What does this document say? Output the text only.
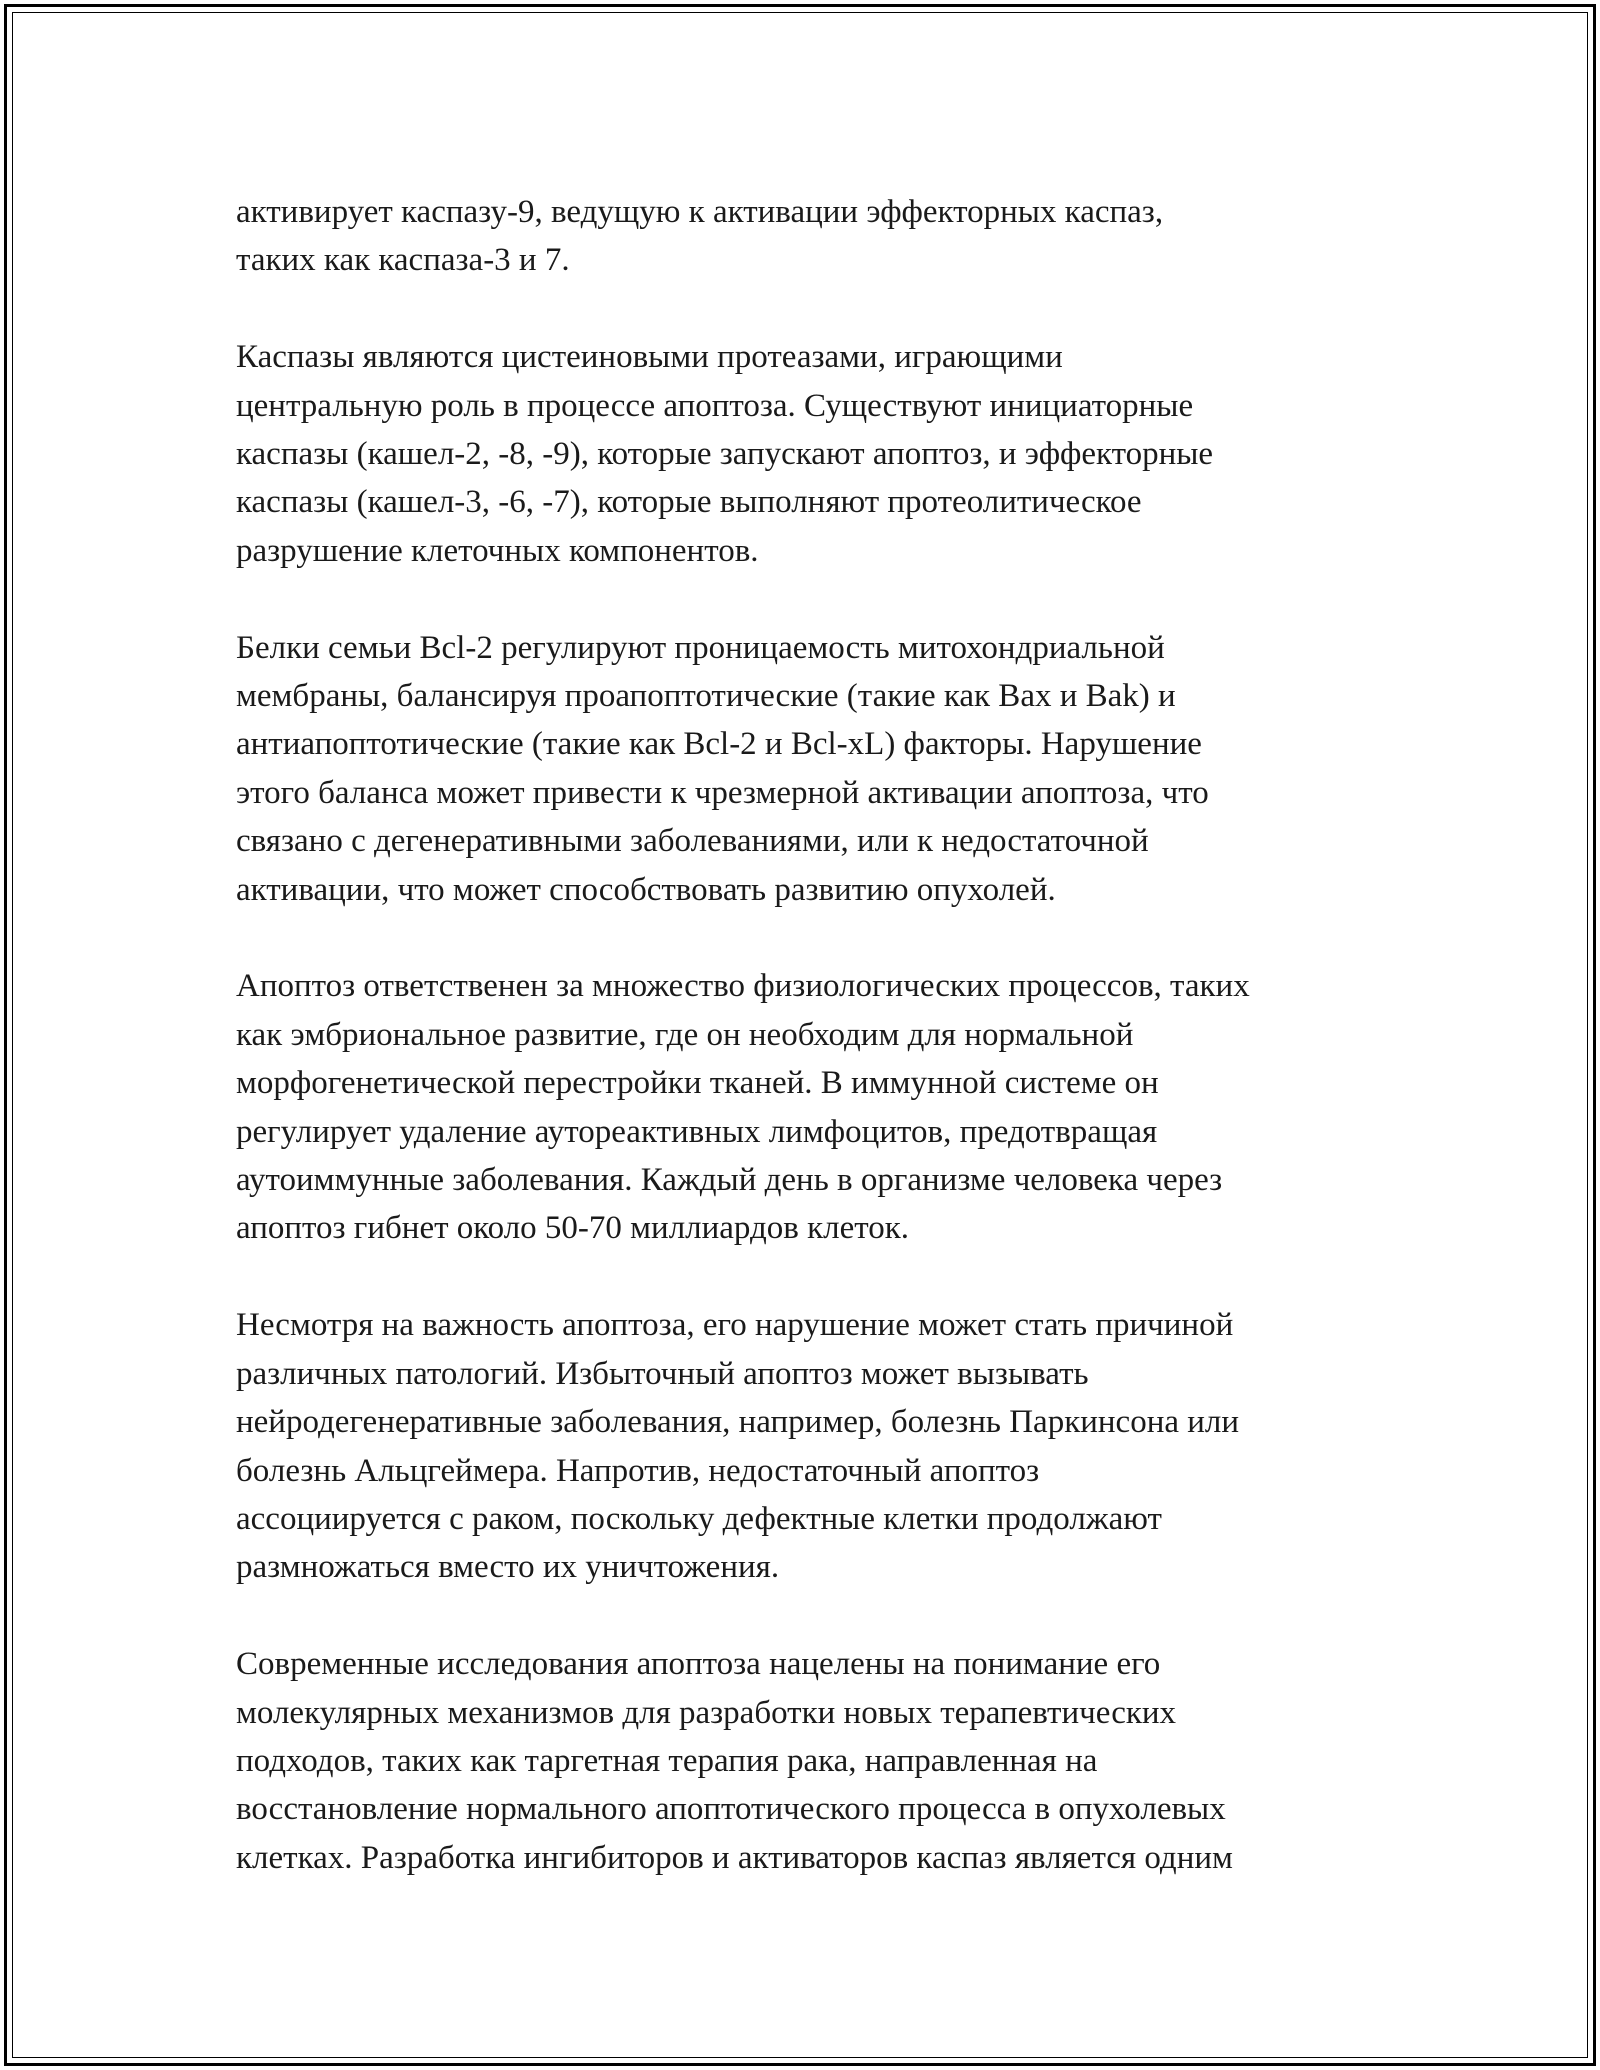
активирует каспазу-9, ведущую к активации эффекторных каспаз,
таких как каспаза-3 и 7.

Каспазы являются цистеиновыми протеазами, играющими
центральную роль в процессе апоптоза. Существуют инициаторные
каспазы (кашел-2, -8, -9), которые запускают апоптоз, и эффекторные
каспазы (кашел-3, -6, -7), которые выполняют протеолитическое
разрушение клеточных компонентов.

Белки семьи Bcl-2 регулируют проницаемость митохондриальной
мембраны, балансируя проапоптотические (такие как Bax и Bak) и
антиапоптотические (такие как Bcl-2 и Bcl-xL) факторы. Нарушение
этого баланса может привести к чрезмерной активации апоптоза, что
связано с дегенеративными заболеваниями, или к недостаточной
активации, что может способствовать развитию опухолей.

Апоптоз ответственен за множество физиологических процессов, таких
как эмбриональное развитие, где он необходим для нормальной
морфогенетической перестройки тканей. В иммунной системе он
регулирует удаление аутореактивных лимфоцитов, предотвращая
аутоиммунные заболевания. Каждый день в организме человека через
апоптоз гибнет около 50-70 миллиардов клеток.

Несмотря на важность апоптоза, его нарушение может стать причиной
различных патологий. Избыточный апоптоз может вызывать
нейродегенеративные заболевания, например, болезнь Паркинсона или
болезнь Альцгеймера. Напротив, недостаточный апоптоз
ассоциируется с раком, поскольку дефектные клетки продолжают
размножаться вместо их уничтожения.

Современные исследования апоптоза нацелены на понимание его
молекулярных механизмов для разработки новых терапевтических
подходов, таких как таргетная терапия рака, направленная на
восстановление нормального апоптотического процесса в опухолевых
клетках. Разработка ингибиторов и активаторов каспаз является одним
